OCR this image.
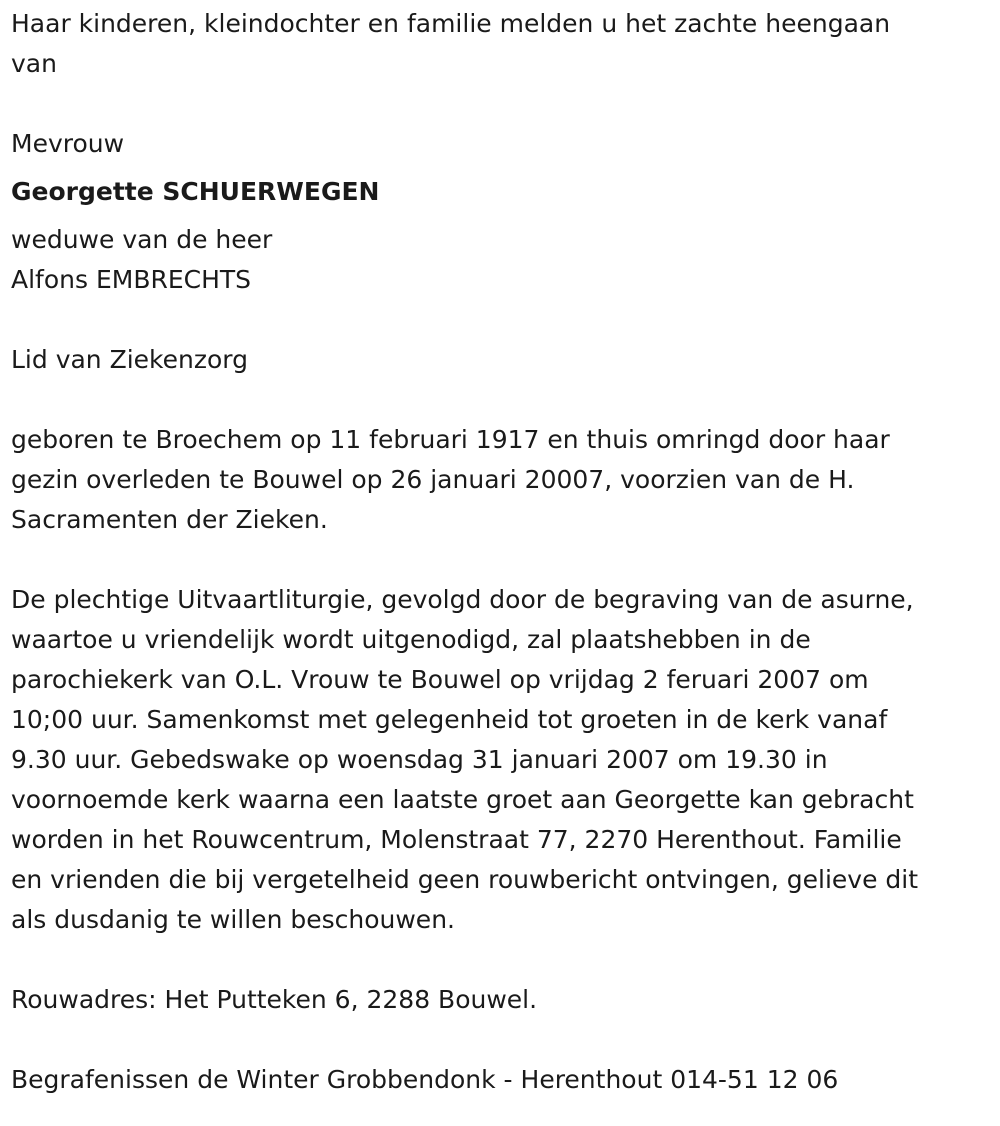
Haar kinderen, kleindochter en familie melden u het zachte heengaan
van

Mevrouw
Georgette SCHUERWEGEN
weduwe van de heer
Alfons EMBRECHTS

Lid van Ziekenzorg

geboren te Broechem op 11 februari 1917 en thuis omringd door haar
gezin overleden te Bouwel op 26 januari 20007, voorzien van de H.
Sacramenten der Zieken.

De plechtige Uitvaartliturgie, gevolgd door de begraving van de asurne,
waartoe u vriendelijk wordt uitgenodigd, zal plaatshebben in de
parochiekerk van O.L. Vrouw te Bouwel op vrijdag 2 feruari 2007 om
10;00 uur. Samenkomst met gelegenheid tot groeten in de kerk vanaf
9.30 uur. Gebedswake op woensdag 31 januari 2007 om 19.30 in
voornoemde kerk waarna een laatste groet aan Georgette kan gebracht
worden in het Rouwcentrum, Molenstraat 77, 2270 Herenthout. Familie
en vrienden die bij vergetelheid geen rouwbericht ontvingen, gelieve dit
als dusdanig te willen beschouwen.

Rouwadres: Het Putteken 6, 2288 Bouwel.

Begrafenissen de Winter Grobbendonk - Herenthout 014-51 12 06
